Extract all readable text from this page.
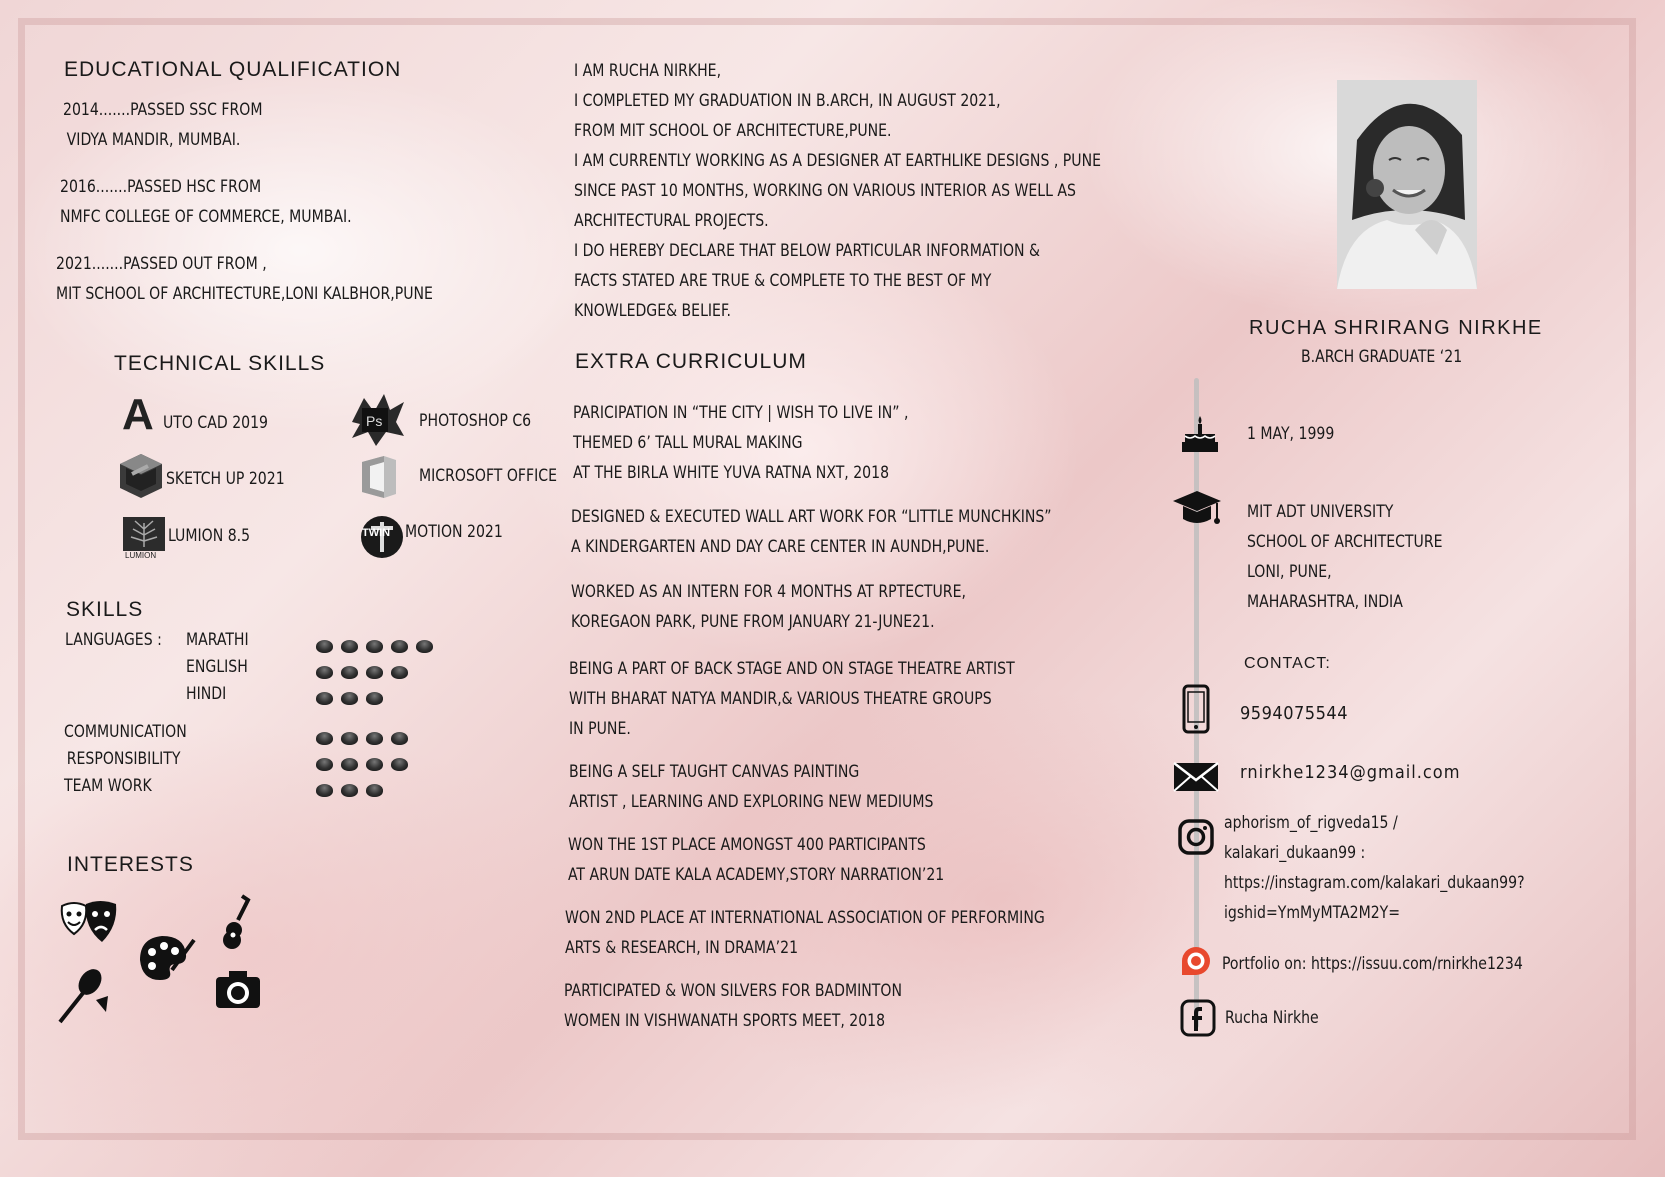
EDUCATIONAL QUALIFICATION
2014.......PASSED SSC FROM
VIDYA MANDIR, MUMBAI.
2016.......PASSED HSC FROM
NMFC COLLEGE OF COMMERCE, MUMBAI.
2021.......PASSED OUT FROM ,
MIT SCHOOL OF ARCHITECTURE,LONI KALBHOR,PUNE
TECHNICAL SKILLS
A UTO CAD 2019	Ps PHOTOSHOP C6
SKETCH UP 2021	MICROSOFT OFFICE
LUMION
LUMION 8.5	TWIN MOTION 2021
SKILLS
LANGUAGES : MARATHI
ENGLISH
HINDI
COMMUNICATION
RESPONSIBILITY
TEAM WORK
INTERESTS
I AM RUCHA NIRKHE,
I COMPLETED MY GRADUATION IN B.ARCH, IN AUGUST 2021,
FROM MIT SCHOOL OF ARCHITECTURE,PUNE.
I AM CURRENTLY WORKING AS A DESIGNER AT EARTHLIKE DESIGNS , PUNE
SINCE PAST 10 MONTHS, WORKING ON VARIOUS INTERIOR AS WELL AS
ARCHITECTURAL PROJECTS.
I DO HEREBY DECLARE THAT BELOW PARTICULAR INFORMATION &
FACTS STATED ARE TRUE & COMPLETE TO THE BEST OF MY
KNOWLEDGE& BELIEF.
EXTRA CURRICULUM
PARICIPATION IN “THE CITY | WISH TO LIVE IN” ,
THEMED 6’ TALL MURAL MAKING
AT THE BIRLA WHITE YUVA RATNA NXT, 2018
DESIGNED & EXECUTED WALL ART WORK FOR “LITTLE MUNCHKINS”
A KINDERGARTEN AND DAY CARE CENTER IN AUNDH,PUNE.
WORKED AS AN INTERN FOR 4 MONTHS AT RPTECTURE,
KOREGAON PARK, PUNE FROM JANUARY 21-JUNE21.
BEING A PART OF BACK STAGE AND ON STAGE THEATRE ARTIST
WITH BHARAT NATYA MANDIR,& VARIOUS THEATRE GROUPS
IN PUNE.
BEING A SELF TAUGHT CANVAS PAINTING
ARTIST , LEARNING AND EXPLORING NEW MEDIUMS
WON THE 1ST PLACE AMONGST 400 PARTICIPANTS
AT ARUN DATE KALA ACADEMY,STORY NARRATION’21
WON 2ND PLACE AT INTERNATIONAL ASSOCIATION OF PERFORMING
ARTS & RESEARCH, IN DRAMA’21
PARTICIPATED & WON SILVERS FOR BADMINTON
WOMEN IN VISHWANATH SPORTS MEET, 2018
RUCHA SHRIRANG NIRKHE
B.ARCH GRADUATE ‘21
1 MAY, 1999
MIT ADT UNIVERSITY
SCHOOL OF ARCHITECTURE
LONI, PUNE,
MAHARASHTRA, INDIA
CONTACT:
9594075544
rnirkhe1234@gmail.com
aphorism_of_rigveda15 /
kalakari_dukaan99 :
https://instagram.com/kalakari_dukaan99?
igshid=YmMyMTA2M2Y=
Portfolio on: https://issuu.com/rnirkhe1234
Rucha Nirkhe
